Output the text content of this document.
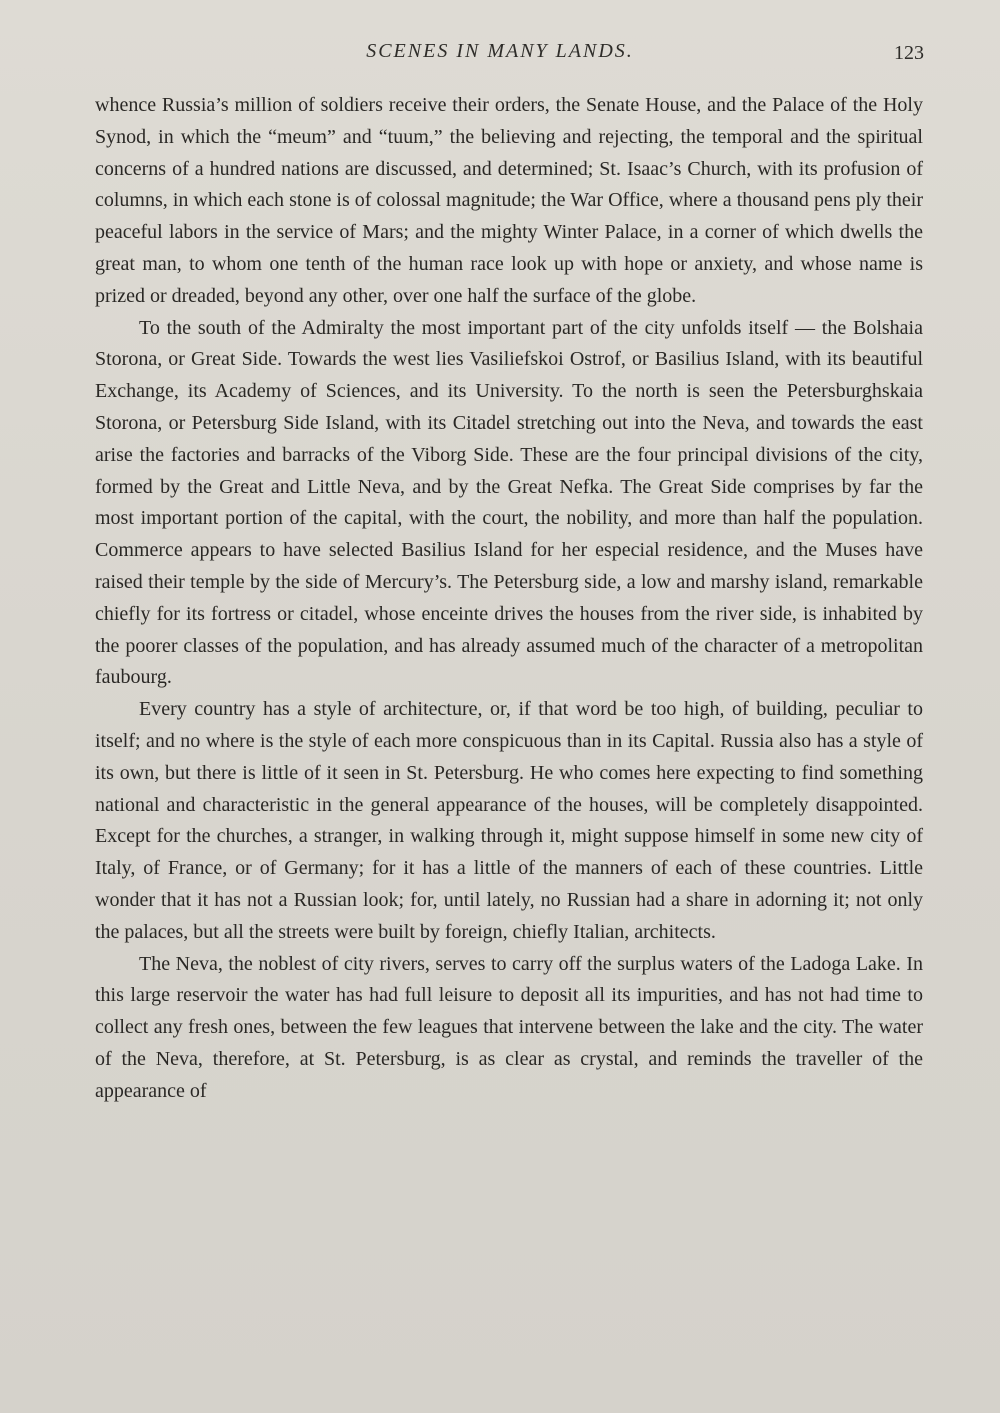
SCENES IN MANY LANDS.	123

whence Russia’s million of soldiers receive their orders, the Senate House, and the Palace of the Holy Synod, in which the “meum” and “tuum,” the believing and rejecting, the temporal and the spiritual concerns of a hundred nations are discussed, and determined; St. Isaac’s Church, with its profusion of columns, in which each stone is of colossal magnitude; the War Office, where a thousand pens ply their peaceful labors in the service of Mars; and the mighty Winter Palace, in a corner of which dwells the great man, to whom one tenth of the human race look up with hope or anxiety, and whose name is prized or dreaded, beyond any other, over one half the surface of the globe.

To the south of the Admiralty the most important part of the city unfolds itself — the Bolshaia Storona, or Great Side. Towards the west lies Vasiliefskoi Ostrof, or Basilius Island, with its beautiful Exchange, its Academy of Sciences, and its University. To the north is seen the Petersburghskaia Storona, or Petersburg Side Island, with its Citadel stretching out into the Neva, and towards the east arise the factories and barracks of the Viborg Side. These are the four principal divisions of the city, formed by the Great and Little Neva, and by the Great Nefka. The Great Side comprises by far the most important portion of the capital, with the court, the nobility, and more than half the population. Commerce appears to have selected Basilius Island for her especial residence, and the Muses have raised their temple by the side of Mercury’s. The Petersburg side, a low and marshy island, remarkable chiefly for its fortress or citadel, whose enceinte drives the houses from the river side, is inhabited by the poorer classes of the population, and has already assumed much of the character of a metropolitan faubourg.

Every country has a style of architecture, or, if that word be too high, of building, peculiar to itself; and no where is the style of each more conspicuous than in its Capital. Russia also has a style of its own, but there is little of it seen in St. Petersburg. He who comes here expecting to find something national and characteristic in the general appearance of the houses, will be completely disappointed. Except for the churches, a stranger, in walking through it, might suppose himself in some new city of Italy, of France, or of Germany; for it has a little of the manners of each of these countries. Little wonder that it has not a Russian look; for, until lately, no Russian had a share in adorning it; not only the palaces, but all the streets were built by foreign, chiefly Italian, architects.

The Neva, the noblest of city rivers, serves to carry off the surplus waters of the Ladoga Lake. In this large reservoir the water has had full leisure to deposit all its impurities, and has not had time to collect any fresh ones, between the few leagues that intervene between the lake and the city. The water of the Neva, therefore, at St. Petersburg, is as clear as crystal, and reminds the traveller of the appearance of
